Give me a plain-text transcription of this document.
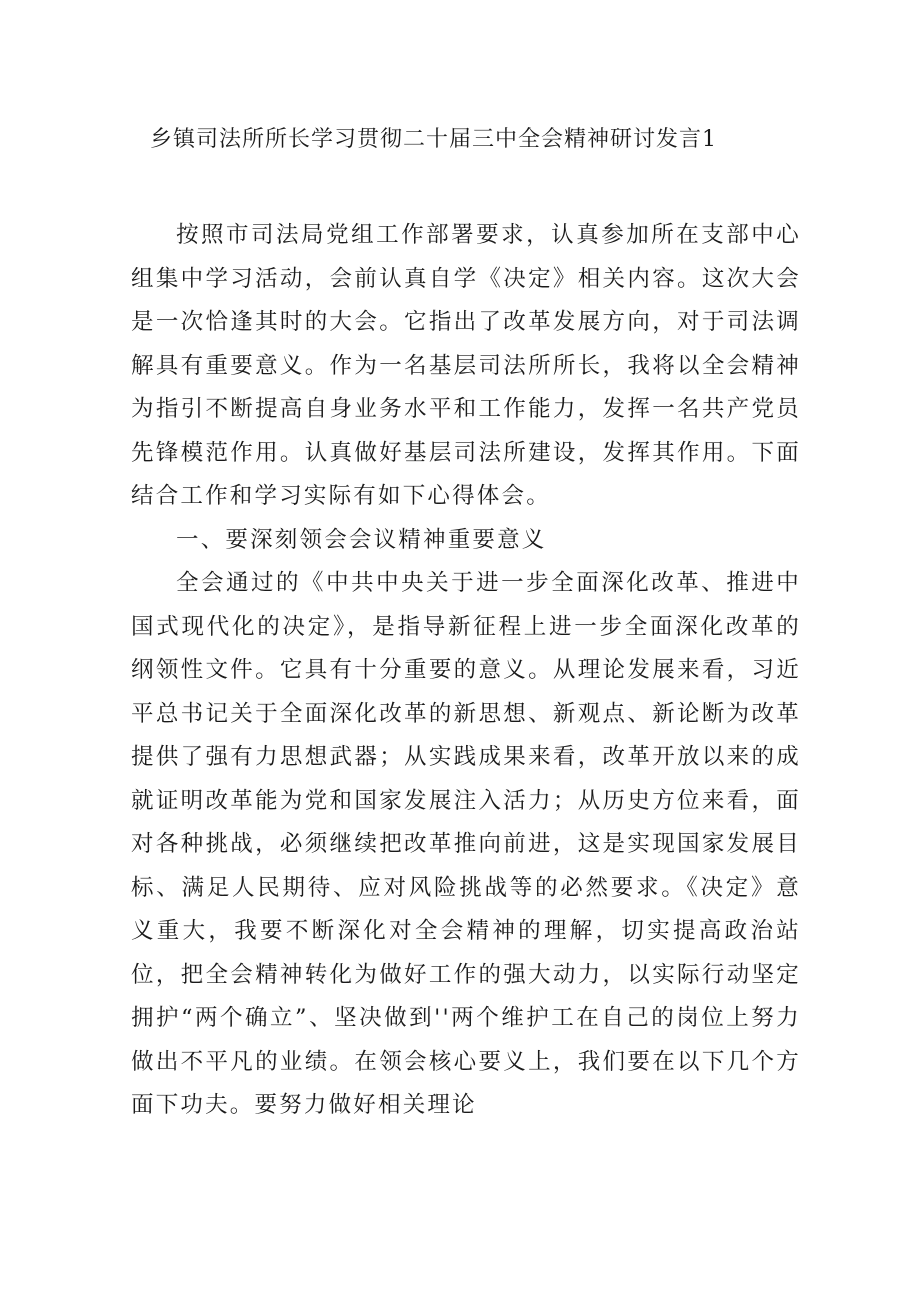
乡镇司法所所长学习贯彻二十届三中全会精神研讨发言1

按照市司法局党组工作部署要求，认真参加所在支部中心组集中学习活动，会前认真自学《决定》相关内容。这次大会是一次恰逢其时的大会。它指出了改革发展方向，对于司法调解具有重要意义。作为一名基层司法所所长，我将以全会精神为指引不断提高自身业务水平和工作能力，发挥一名共产党员先锋模范作用。认真做好基层司法所建设，发挥其作用。下面结合工作和学习实际有如下心得体会。

一、要深刻领会会议精神重要意义

全会通过的《中共中央关于进一步全面深化改革、推进中国式现代化的决定》，是指导新征程上进一步全面深化改革的纲领性文件。它具有十分重要的意义。从理论发展来看，习近平总书记关于全面深化改革的新思想、新观点、新论断为改革提供了强有力思想武器；从实践成果来看，改革开放以来的成就证明改革能为党和国家发展注入活力；从历史方位来看，面对各种挑战，必须继续把改革推向前进，这是实现国家发展目标、满足人民期待、应对风险挑战等的必然要求。《决定》意义重大，我要不断深化对全会精神的理解，切实提高政治站位，把全会精神转化为做好工作的强大动力，以实际行动坚定拥护“两个确立”、坚决做到''两个维护工在自己的岗位上努力做出不平凡的业绩。在领会核心要义上，我们要在以下几个方面下功夫。要努力做好相关理论
